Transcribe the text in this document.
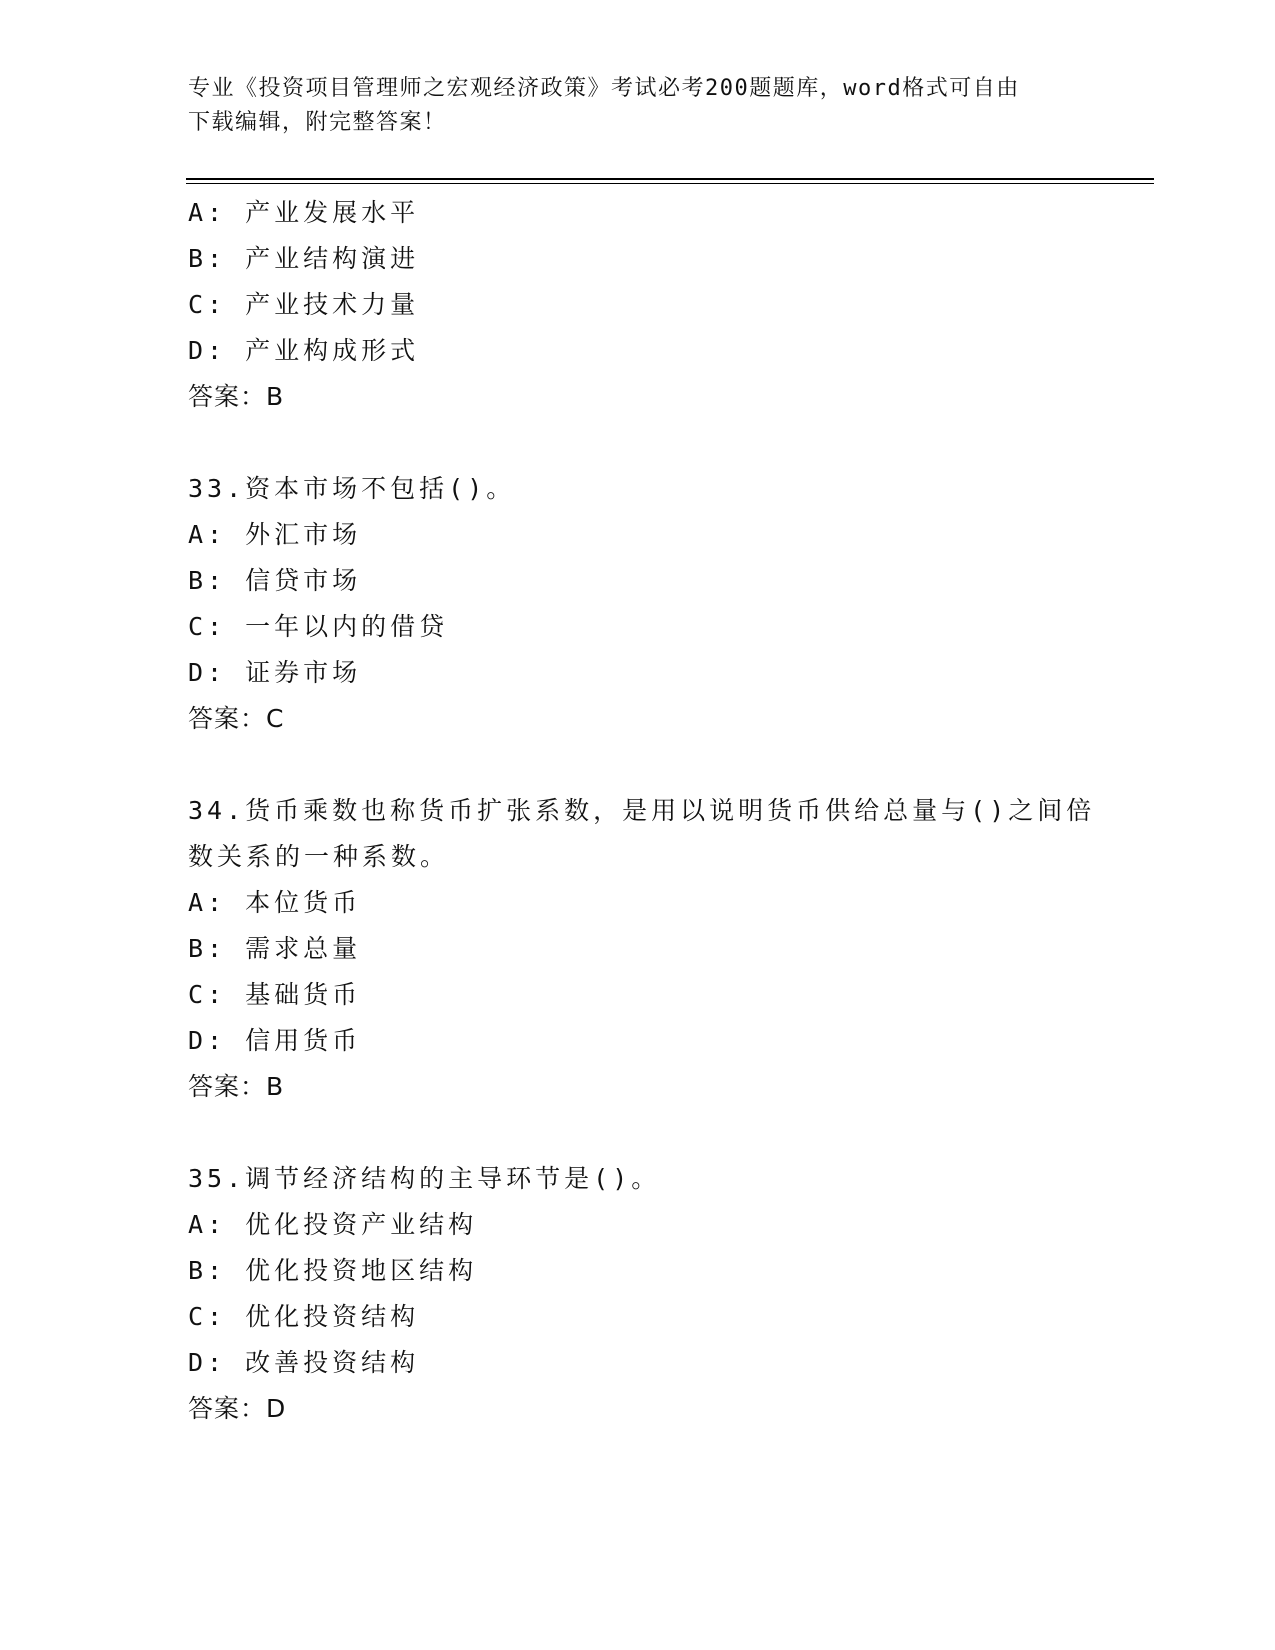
专业《投资项目管理师之宏观经济政策》考试必考200题题库，word格式可自由
下载编辑，附完整答案！
A: 产业发展水平
B: 产业结构演进
C: 产业技术力量
D: 产业构成形式
答案：B
33.资本市场不包括()。
A: 外汇市场
B: 信贷市场
C: 一年以内的借贷
D: 证券市场
答案：C
34.货币乘数也称货币扩张系数，是用以说明货币供给总量与()之间倍
数关系的一种系数。
A: 本位货币
B: 需求总量
C: 基础货币
D: 信用货币
答案：B
35.调节经济结构的主导环节是()。
A: 优化投资产业结构
B: 优化投资地区结构
C: 优化投资结构
D: 改善投资结构
答案：D
